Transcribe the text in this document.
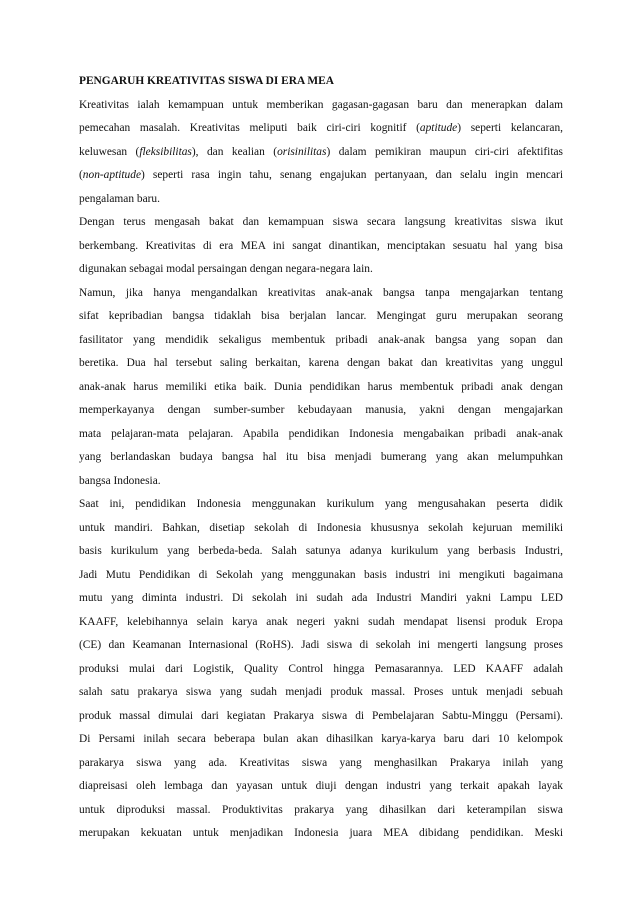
PENGARUH KREATIVITAS SISWA DI ERA MEA
Kreativitas ialah kemampuan untuk memberikan gagasan-gagasan baru dan menerapkan dalam
pemecahan masalah. Kreativitas meliputi baik ciri-ciri kognitif (aptitude) seperti kelancaran,
keluwesan (fleksibilitas), dan kealian (orisinilitas) dalam pemikiran maupun ciri-ciri afektifitas
(non-aptitude) seperti rasa ingin tahu, senang engajukan pertanyaan, dan selalu ingin mencari
pengalaman baru.
Dengan terus mengasah bakat dan kemampuan siswa secara langsung kreativitas siswa ikut
berkembang. Kreativitas di era MEA ini sangat dinantikan, menciptakan sesuatu hal yang bisa
digunakan sebagai modal persaingan dengan negara-negara lain.
Namun, jika hanya mengandalkan kreativitas anak-anak bangsa tanpa mengajarkan tentang
sifat kepribadian bangsa tidaklah bisa berjalan lancar. Mengingat guru merupakan seorang
fasilitator yang mendidik sekaligus membentuk pribadi anak-anak bangsa yang sopan dan
beretika. Dua hal tersebut saling berkaitan, karena dengan bakat dan kreativitas yang unggul
anak-anak harus memiliki etika baik. Dunia pendidikan harus membentuk pribadi anak dengan
memperkayanya dengan sumber-sumber kebudayaan manusia, yakni dengan mengajarkan
mata pelajaran-mata pelajaran. Apabila pendidikan Indonesia mengabaikan pribadi anak-anak
yang berlandaskan budaya bangsa hal itu bisa menjadi bumerang yang akan melumpuhkan
bangsa Indonesia.
Saat ini, pendidikan Indonesia menggunakan kurikulum yang mengusahakan peserta didik
untuk mandiri. Bahkan, disetiap sekolah di Indonesia khususnya sekolah kejuruan memiliki
basis kurikulum yang berbeda-beda. Salah satunya adanya kurikulum yang berbasis Industri,
Jadi Mutu Pendidikan di Sekolah yang menggunakan basis industri ini mengikuti bagaimana
mutu yang diminta industri. Di sekolah ini sudah ada Industri Mandiri yakni Lampu LED
KAAFF, kelebihannya selain karya anak negeri yakni sudah mendapat lisensi produk Eropa
(CE) dan Keamanan Internasional (RoHS). Jadi siswa di sekolah ini mengerti langsung proses
produksi mulai dari Logistik, Quality Control hingga Pemasarannya. LED KAAFF adalah
salah satu prakarya siswa yang sudah menjadi produk massal. Proses untuk menjadi sebuah
produk massal dimulai dari kegiatan Prakarya siswa di Pembelajaran Sabtu-Minggu (Persami).
Di Persami inilah secara beberapa bulan akan dihasilkan karya-karya baru dari 10 kelompok
parakarya siswa yang ada. Kreativitas siswa yang menghasilkan Prakarya inilah yang
diapreisasi oleh lembaga dan yayasan untuk diuji dengan industri yang terkait apakah layak
untuk diproduksi massal. Produktivitas prakarya yang dihasilkan dari keterampilan siswa
merupakan kekuatan untuk menjadikan Indonesia juara MEA dibidang pendidikan. Meski
